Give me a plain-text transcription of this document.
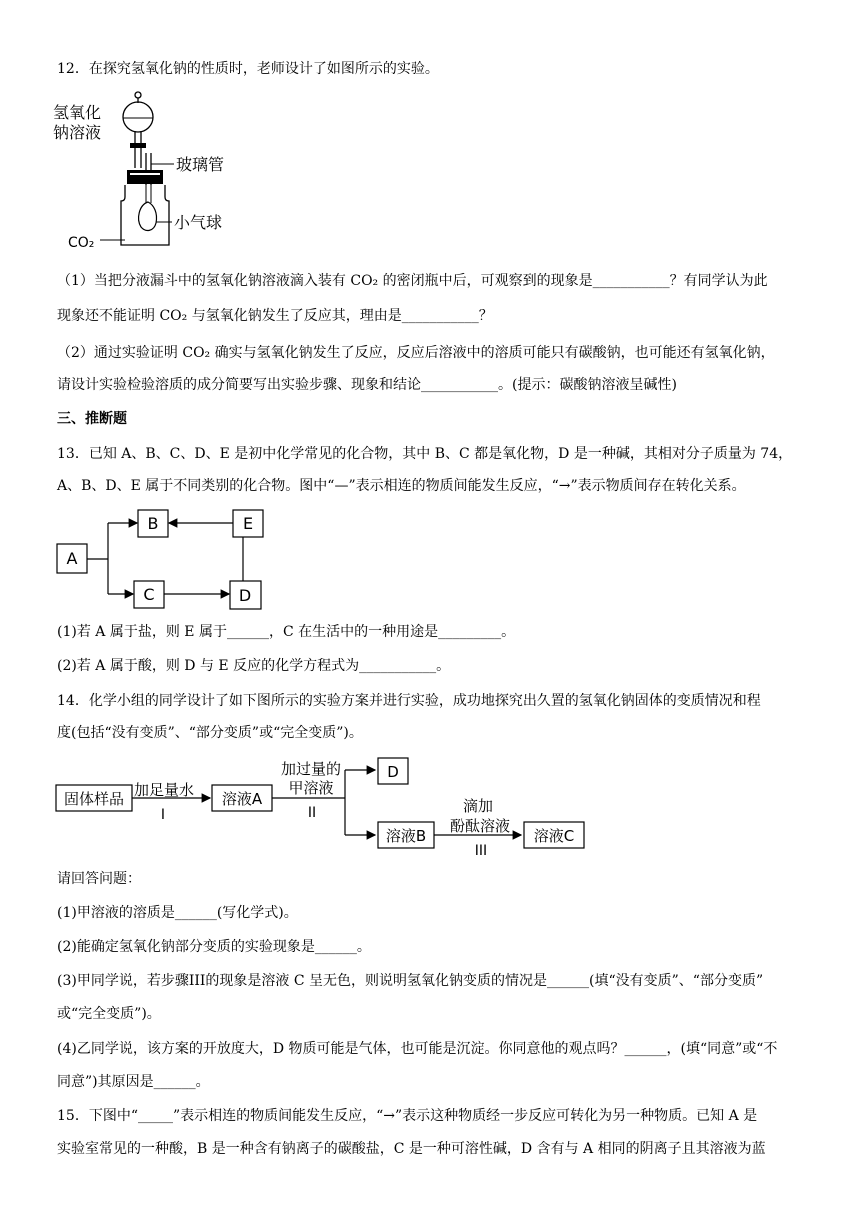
12．在探究氢氧化钠的性质时，老师设计了如图所示的实验。
氢氧化
钠溶液
玻璃管
小气球
CO₂
（1）当把分液漏斗中的氢氧化钠溶液滴入装有 CO₂ 的密闭瓶中后，可观察到的现象是___________？有同学认为此
现象还不能证明 CO₂ 与氢氧化钠发生了反应其，理由是___________？
（2）通过实验证明 CO₂ 确实与氢氧化钠发生了反应，反应后溶液中的溶质可能只有碳酸钠，也可能还有氢氧化钠，
请设计实验检验溶质的成分简要写出实验步骤、现象和结论___________。(提示：碳酸钠溶液呈碱性)
三、推断题
13．已知 A、B、C、D、E 是初中化学常见的化合物，其中 B、C 都是氧化物，D 是一种碱，其相对分子质量为 74，
A、B、D、E 属于不同类别的化合物。图中“—”表示相连的物质间能发生反应，“→”表示物质间存在转化关系。
A
B	E
C	D
(1)若 A 属于盐，则 E 属于______，C 在生活中的一种用途是_________。
(2)若 A 属于酸，则 D 与 E 反应的化学方程式为___________。
14．化学小组的同学设计了如下图所示的实验方案并进行实验，成功地探究出久置的氢氧化钠固体的变质情况和程
度(包括“没有变质”、“部分变质”或“完全变质”)。
固体样品 加足量水
I
溶液A
加过量的
甲溶液
II
D
溶液B
滴加
酚酞溶液
III
溶液C
请回答问题：
(1)甲溶液的溶质是______(写化学式)。
(2)能确定氢氧化钠部分变质的实验现象是______。
(3)甲同学说，若步骤III的现象是溶液 C 呈无色，则说明氢氧化钠变质的情况是______(填“没有变质”、“部分变质”
或“完全变质”)。
(4)乙同学说，该方案的开放度大，D 物质可能是气体，也可能是沉淀。你同意他的观点吗？______，(填“同意”或“不
同意”)其原因是______。
15．下图中“_____”表示相连的物质间能发生反应，“→”表示这种物质经一步反应可转化为另一种物质。已知 A 是
实验室常见的一种酸，B 是一种含有钠离子的碳酸盐，C 是一种可溶性碱，D 含有与 A 相同的阴离子且其溶液为蓝
